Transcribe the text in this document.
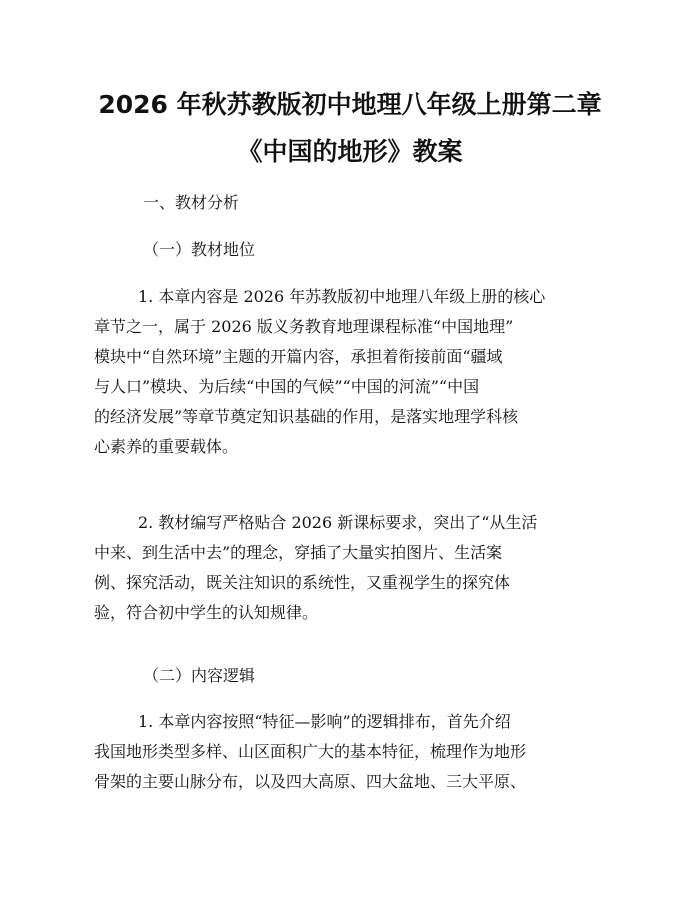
2026 年秋苏教版初中地理八年级上册第二章
《中国的地形》教案

一、教材分析

（一）教材地位

1. 本章内容是 2026 年苏教版初中地理八年级上册的核心
章节之一，属于 2026 版义务教育地理课程标准“中国地理”
模块中“自然环境”主题的开篇内容，承担着衔接前面“疆域
与人口”模块、为后续“中国的气候”“中国的河流”“中国
的经济发展”等章节奠定知识基础的作用，是落实地理学科核
心素养的重要载体。
2. 教材编写严格贴合 2026 新课标要求，突出了“从生活
中来、到生活中去”的理念，穿插了大量实拍图片、生活案
例、探究活动，既关注知识的系统性，又重视学生的探究体
验，符合初中学生的认知规律。

（二）内容逻辑

1. 本章内容按照“特征—影响”的逻辑排布，首先介绍
我国地形类型多样、山区面积广大的基本特征，梳理作为地形
骨架的主要山脉分布，以及四大高原、四大盆地、三大平原、
